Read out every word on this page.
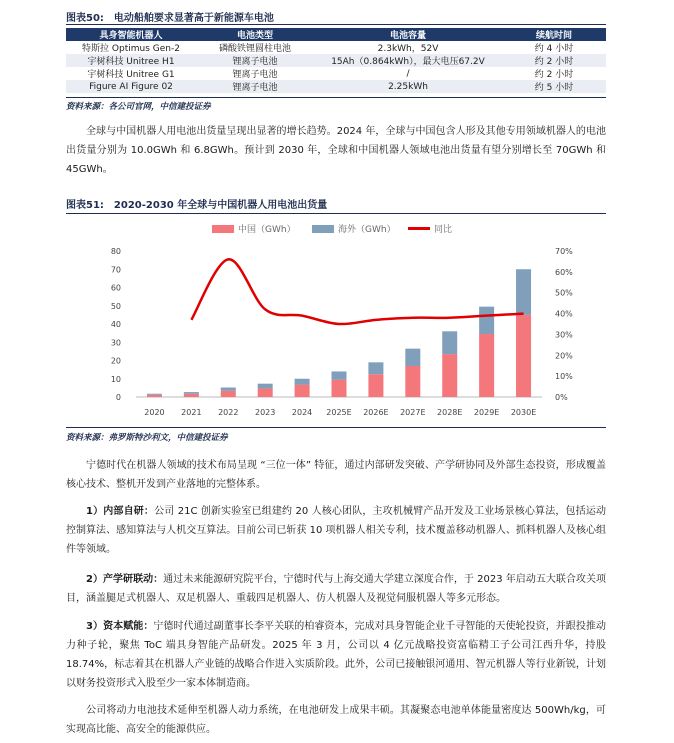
图表50: 电动船舶要求显著高于新能源车电池
具身智能机器人	电池类型	电池容量	续航时间
特斯拉 Optimus Gen-2	磷酸铁锂圆柱电池	2.3kWh，52V	约 4 小时
宇树科技 Unitree H1	锂离子电池	15Ah（0.864kWh），最大电压67.2V	约 2 小时
宇树科技 Unitree G1	锂离子电池	/	约 2 小时
Figure AI Figure 02	锂离子电池	2.25kWh	约 5 小时
资料来源：各公司官网，中信建投证券
全球与中国机器人用电池出货量呈现出显著的增长趋势。2024 年，全球与中国包含人形及其他专用领域机器人的电池出货量分别为 10.0GWh 和 6.8GWh。预计到 2030 年，全球和中国机器人领域电池出货量有望分别增长至 70GWh 和 45GWh。
图表51: 2020-2030 年全球与中国机器人用电池出货量
中国（GWh）	海外（GWh）	同比
0
10
20
30
40
50
60
70
80
0%
10%
20%
30%
40%
50%
60%
70%
2020 2021 2022 2023 2024 2025E 2026E 2027E 2028E 2029E 2030E
资料来源：弗罗斯特沙利文，中信建投证券
宁德时代在机器人领域的技术布局呈现 “三位一体” 特征，通过内部研发突破、产学研协同及外部生态投资，形成覆盖核心技术、整机开发到产业落地的完整体系。
1）内部自研：公司 21C 创新实验室已组建约 20 人核心团队，主攻机械臂产品开发及工业场景核心算法，包括运动控制算法、感知算法与人机交互算法。目前公司已斩获 10 项机器人相关专利，技术覆盖移动机器人、抓料机器人及核心组件等领域。
2）产学研联动：通过未来能源研究院平台，宁德时代与上海交通大学建立深度合作，于 2023 年启动五大联合攻关项目，涵盖腿足式机器人、双足机器人、重载四足机器人、仿人机器人及视觉伺服机器人等多元形态。
3）资本赋能：宁德时代通过副董事长李平关联的柏睿资本，完成对具身智能企业千寻智能的天使轮投资，并跟投推动力种子轮，聚焦 ToC 端具身智能产品研发。2025 年 3 月，公司以 4 亿元战略投资富临精工子公司江西升华，持股 18.74%，标志着其在机器人产业链的战略合作进入实质阶段。此外，公司已接触银河通用、智元机器人等行业新锐，计划以财务投资形式入股至少一家本体制造商。
公司将动力电池技术延伸至机器人动力系统，在电池研发上成果丰硕。其凝聚态电池单体能量密度达 500Wh/kg，可实现高比能、高安全的能源供应。
